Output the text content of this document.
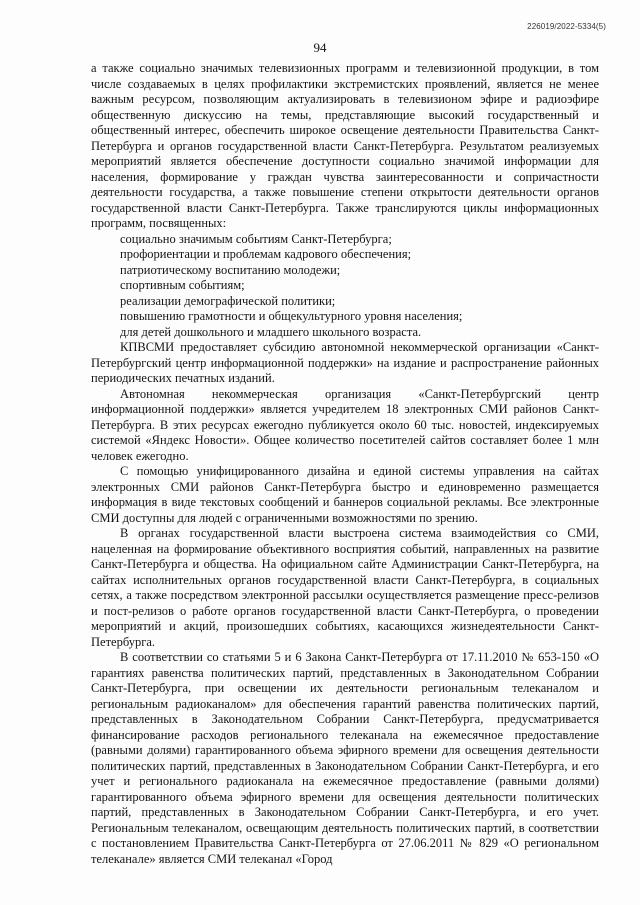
226019/2022-5334(5)
94

а также социально значимых телевизионных программ и телевизионной продукции, в том числе создаваемых в целях профилактики экстремистских проявлений, является не менее важным ресурсом, позволяющим актуализировать в телевизионом эфире и радиоэфире общественную дискуссию на темы, представляющие высокий государственный и общественный интерес, обеспечить широкое освещение деятельности Правительства Санкт-Петербурга и органов государственной власти Санкт-Петербурга. Результатом реализуемых мероприятий является обеспечение доступности социально значимой информации для населения, формирование у граждан чувства заинтересованности и сопричастности деятельности государства, а также повышение степени открытости деятельности органов государственной власти Санкт-Петербурга. Также транслируются циклы информационных программ, посвященных:

социально значимым событиям Санкт-Петербурга;
профориентации и проблемам кадрового обеспечения;
патриотическому воспитанию молодежи;
спортивным событиям;
реализации демографической политики;
повышению грамотности и общекультурного уровня населения;
для детей дошкольного и младшего школьного возраста.

КПВСМИ предоставляет субсидию автономной некоммерческой организации «Санкт-Петербургский центр информационной поддержки» на издание и распространение районных периодических печатных изданий.

Автономная некоммерческая организация «Санкт-Петербургский центр информационной поддержки» является учредителем 18 электронных СМИ районов Санкт-Петербурга. В этих ресурсах ежегодно публикуется около 60 тыс. новостей, индексируемых системой «Яндекс Новости». Общее количество посетителей сайтов составляет более 1 млн человек ежегодно.

С помощью унифицированного дизайна и единой системы управления на сайтах электронных СМИ районов Санкт-Петербурга быстро и единовременно размещается информация в виде текстовых сообщений и баннеров социальной рекламы. Все электронные СМИ доступны для людей с ограниченными возможностями по зрению.

В органах государственной власти выстроена система взаимодействия со СМИ, нацеленная на формирование объективного восприятия событий, направленных на развитие Санкт-Петербурга и общества. На официальном сайте Администрации Санкт-Петербурга, на сайтах исполнительных органов государственной власти Санкт-Петербурга, в социальных сетях, а также посредством электронной рассылки осуществляется размещение пресс-релизов и пост-релизов о работе органов государственной власти Санкт-Петербурга, о проведении мероприятий и акций, произошедших событиях, касающихся жизнедеятельности Санкт-Петербурга.

В соответствии со статьями 5 и 6 Закона Санкт-Петербурга от 17.11.2010 № 653-150 «О гарантиях равенства политических партий, представленных в Законодательном Собрании Санкт-Петербурга, при освещении их деятельности региональным телеканалом и региональным радиоканалом» для обеспечения гарантий равенства политических партий, представленных в Законодательном Собрании Санкт-Петербурга, предусматривается финансирование расходов регионального телеканала на ежемесячное предоставление (равными долями) гарантированного объема эфирного времени для освещения деятельности политических партий, представленных в Законодательном Собрании Санкт-Петербурга, и его учет и регионального радиоканала на ежемесячное предоставление (равными долями) гарантированного объема эфирного времени для освещения деятельности политических партий, представленных в Законодательном Собрании Санкт-Петербурга, и его учет. Региональным телеканалом, освещающим деятельность политических партий, в соответствии с постановлением Правительства Санкт-Петербурга от 27.06.2011 № 829 «О региональном телеканале» является СМИ телеканал «Город
